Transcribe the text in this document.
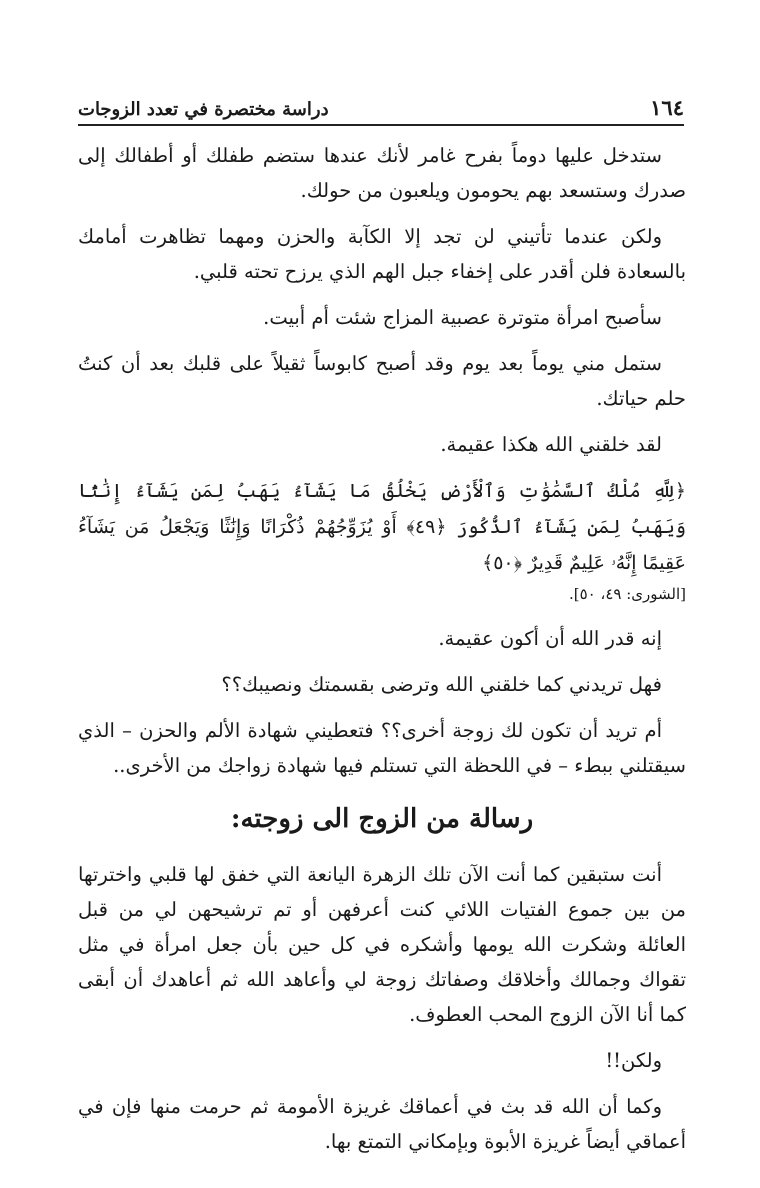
١٦٤
دراسة مختصرة في تعدد الزوجات

ستدخل عليها دوماً بفرح غامر لأنك عندها ستضم طفلك أو أطفالك إلى صدرك وستسعد بهم يحومون ويلعبون من حولك.

ولكن عندما تأتيني لن تجد إلا الكآبة والحزن ومهما تظاهرت أمامك بالسعادة فلن أقدر على إخفاء جبل الهم الذي يرزح تحته قلبي.

سأصبح امرأة متوترة عصبية المزاج شئت أم أبيت.

ستمل مني يوماً بعد يوم وقد أصبح كابوساً ثقيلاً على قلبك بعد أن كنتُ حلم حياتك.

لقد خلقني الله هكذا عقيمة.

﴿لِلَّهِ مُلْكُ ٱلسَّمَٰوَٰتِ وَٱلْأَرْضِ يَخْلُقُ مَا يَشَآءُ يَهَبُ لِمَن يَشَآءُ إِنَٰثًا وَيَهَبُ لِمَن يَشَآءُ ٱلذُّكُورَ ﴿٤٩﴾ أَوْ يُزَوِّجُهُمْ ذُكْرَانًا وَإِنَٰثًا وَيَجْعَلُ مَن يَشَآءُ عَقِيمًا إِنَّهُۥ عَلِيمٌ قَدِيرٌ ﴿٥٠﴾

[الشورى: ٤٩، ٥٠].

إنه قدر الله أن أكون عقيمة.

فهل تريدني كما خلقني الله وترضى بقسمتك ونصيبك؟؟

أم تريد أن تكون لك زوجة أخرى؟؟ فتعطيني شهادة الألم والحزن – الذي سيقتلني ببطء – في اللحظة التي تستلم فيها شهادة زواجك من الأخرى..

رسالة من الزوج الى زوجته:

أنت ستبقين كما أنت الآن تلك الزهرة اليانعة التي خفق لها قلبي واخترتها من بين جموع الفتيات اللائي كنت أعرفهن أو تم ترشيحهن لي من قبل العائلة وشكرت الله يومها وأشكره في كل حين بأن جعل امرأة في مثل تقواك وجمالك وأخلاقك وصفاتك زوجة لي وأعاهد الله ثم أعاهدك أن أبقى كما أنا الآن الزوج المحب العطوف.

ولكن!!

وكما أن الله قد بث في أعماقك غريزة الأمومة ثم حرمت منها فإن في أعماقي أيضاً غريزة الأبوة وبإمكاني التمتع بها.
